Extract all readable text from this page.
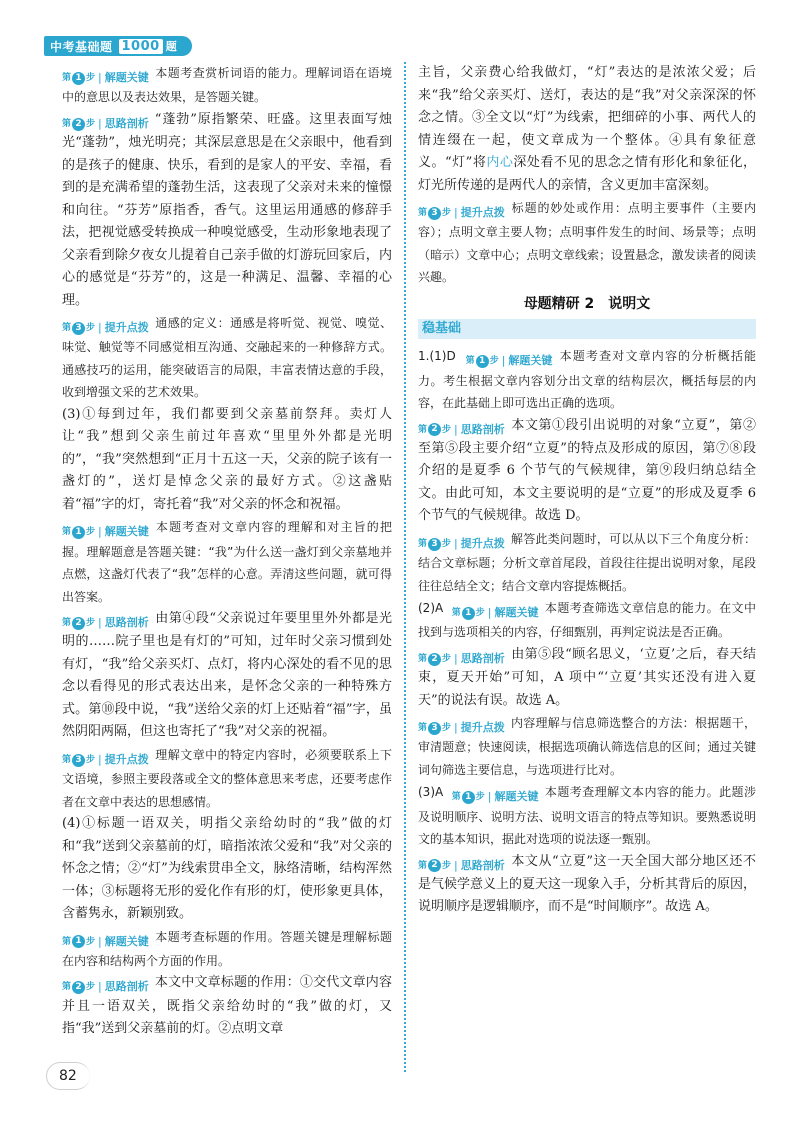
中考基础题 1000 题
第 1 步 | 解题关键 本题考查赏析词语的能力。理解词语在语境中的意思以及表达效果，是答题关键。
第 2 步 | 思路剖析 “蓬勃”原指繁荣、旺盛。这里表面写烛光“蓬勃”，烛光明亮；其深层意思是在父亲眼中，他看到的是孩子的健康、快乐，看到的是家人的平安、幸福，看到的是充满希望的蓬勃生活，这表现了父亲对未来的憧憬和向往。“芬芳”原指香，香气。这里运用通感的修辞手法，把视觉感受转换成一种嗅觉感受，生动形象地表现了父亲看到除夕夜女儿提着自己亲手做的灯游玩回家后，内心的感觉是“芬芳”的，这是一种满足、温馨、幸福的心理。
第 3 步 | 提升点拨 通感的定义：通感是将听觉、视觉、嗅觉、味觉、触觉等不同感觉相互沟通、交融起来的一种修辞方式。通感技巧的运用，能突破语言的局限，丰富表情达意的手段，收到增强文采的艺术效果。
(3)①每到过年，我们都要到父亲墓前祭拜。卖灯人让“我”想到父亲生前过年喜欢“里里外外都是光明的”，“我”突然想到“正月十五这一天，父亲的院子该有一盏灯的”，送灯是悼念父亲的最好方式。②这盏贴着“福”字的灯，寄托着“我”对父亲的怀念和祝福。
第 1 步 | 解题关键 本题考查对文章内容的理解和对主旨的把握。理解题意是答题关键：“我”为什么送一盏灯到父亲墓地并点燃，这盏灯代表了“我”怎样的心意。弄清这些问题，就可得出答案。
第 2 步 | 思路剖析 由第④段“父亲说过年要里里外外都是光明的……院子里也是有灯的”可知，过年时父亲习惯到处有灯，“我”给父亲买灯、点灯，将内心深处的看不见的思念以看得见的形式表达出来，是怀念父亲的一种特殊方式。第⑩段中说，“我”送给父亲的灯上还贴着“福”字，虽然阴阳两隔，但这也寄托了“我”对父亲的祝福。
第 3 步 | 提升点拨 理解文章中的特定内容时，必须要联系上下文语境，参照主要段落或全文的整体意思来考虑，还要考虑作者在文章中表达的思想感情。
(4)①标题一语双关，明指父亲给幼时的“我”做的灯和“我”送到父亲墓前的灯，暗指浓浓父爱和“我”对父亲的怀念之情；②“灯”为线索贯串全文，脉络清晰，结构浑然一体；③标题将无形的爱化作有形的灯，使形象更具体，含蓄隽永，新颖别致。
第 1 步 | 解题关键 本题考查标题的作用。答题关键是理解标题在内容和结构两个方面的作用。
第 2 步 | 思路剖析 本文中文章标题的作用：①交代文章内容并且一语双关，既指父亲给幼时的“我”做的灯，又指“我”送到父亲墓前的灯。②点明文章
主旨，父亲费心给我做灯，“灯”表达的是浓浓父爱；后来“我”给父亲买灯、送灯，表达的是“我”对父亲深深的怀念之情。③全文以“灯”为线索，把细碎的小事、两代人的情连缀在一起，使文章成为一个整体。④具有象征意义。“灯”将内心深处看不见的思念之情有形化和象征化，灯光所传递的是两代人的亲情，含义更加丰富深刻。
第 3 步 | 提升点拨 标题的妙处或作用：点明主要事件（主要内容）；点明文章主要人物；点明事件发生的时间、场景等；点明（暗示）文章中心；点明文章线索；设置悬念，激发读者的阅读兴趣。
母题精研 2　说明文
稳基础
1.(1)D 第 1 步 | 解题关键 本题考查对文章内容的分析概括能力。考生根据文章内容划分出文章的结构层次，概括每层的内容，在此基础上即可选出正确的选项。
第 2 步 | 思路剖析 本文第①段引出说明的对象“立夏”，第②至第⑤段主要介绍“立夏”的特点及形成的原因，第⑦⑧段介绍的是夏季 6 个节气的气候规律，第⑨段归纳总结全文。由此可知，本文主要说明的是“立夏”的形成及夏季 6 个节气的气候规律。故选 D。
第 3 步 | 提升点拨 解答此类问题时，可以从以下三个角度分析：结合文章标题；分析文章首尾段，首段往往提出说明对象，尾段往往总结全文；结合文章内容提炼概括。
(2)A 第 1 步 | 解题关键 本题考查筛选文章信息的能力。在文中找到与选项相关的内容，仔细甄别，再判定说法是否正确。
第 2 步 | 思路剖析 由第⑤段“顾名思义，‘立夏’之后，春天结束，夏天开始”可知，A 项中“‘立夏’其实还没有进入夏天”的说法有误。故选 A。
第 3 步 | 提升点拨 内容理解与信息筛选整合的方法：根据题干，审清题意；快速阅读，根据选项确认筛选信息的区间；通过关键词句筛选主要信息，与选项进行比对。
(3)A 第 1 步 | 解题关键 本题考查理解文本内容的能力。此题涉及说明顺序、说明方法、说明文语言的特点等知识。要熟悉说明文的基本知识，据此对选项的说法逐一甄别。
第 2 步 | 思路剖析 本文从“立夏”这一天全国大部分地区还不是气候学意义上的夏天这一现象入手，分析其背后的原因，说明顺序是逻辑顺序，而不是“时间顺序”。故选 A。
82
